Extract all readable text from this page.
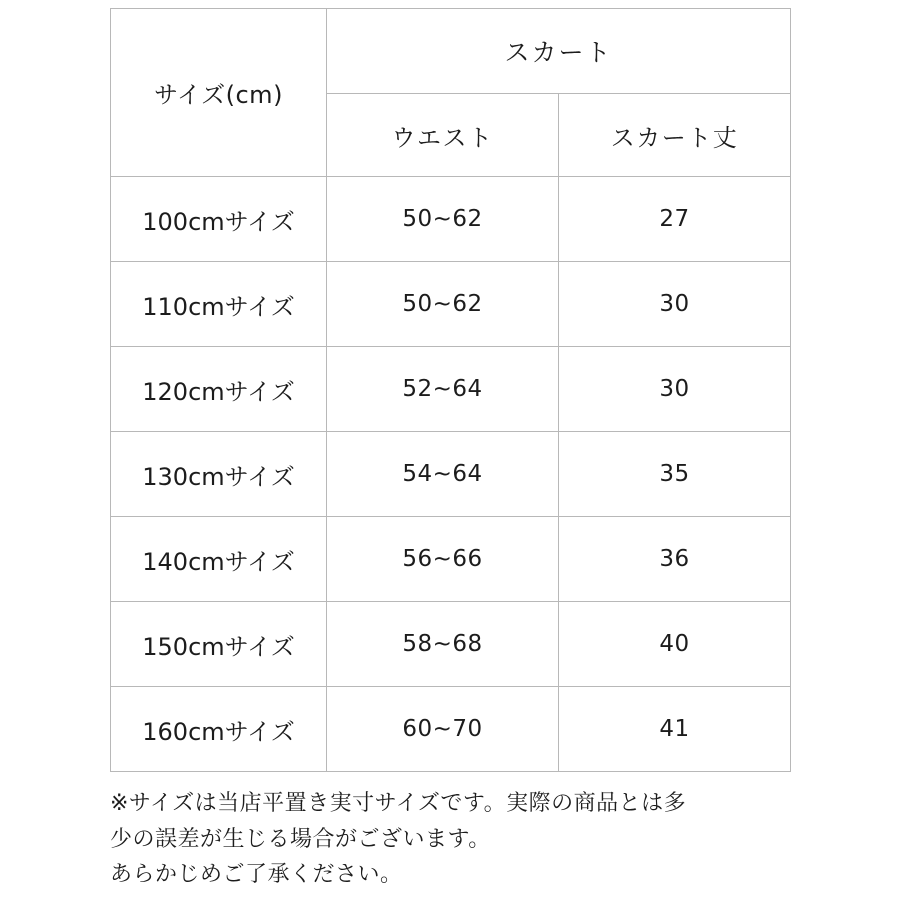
サイズ(cm)	スカート	
	ウエスト	スカート丈
100cmサイズ	50~62	27
110cmサイズ	50~62	30
120cmサイズ	52~64	30
130cmサイズ	54~64	35
140cmサイズ	56~66	36
150cmサイズ	58~68	40
160cmサイズ	60~70	41

※サイズは当店平置き実寸サイズです。実際の商品とは多

少の誤差が生じる場合がございます。

あらかじめご了承ください。
